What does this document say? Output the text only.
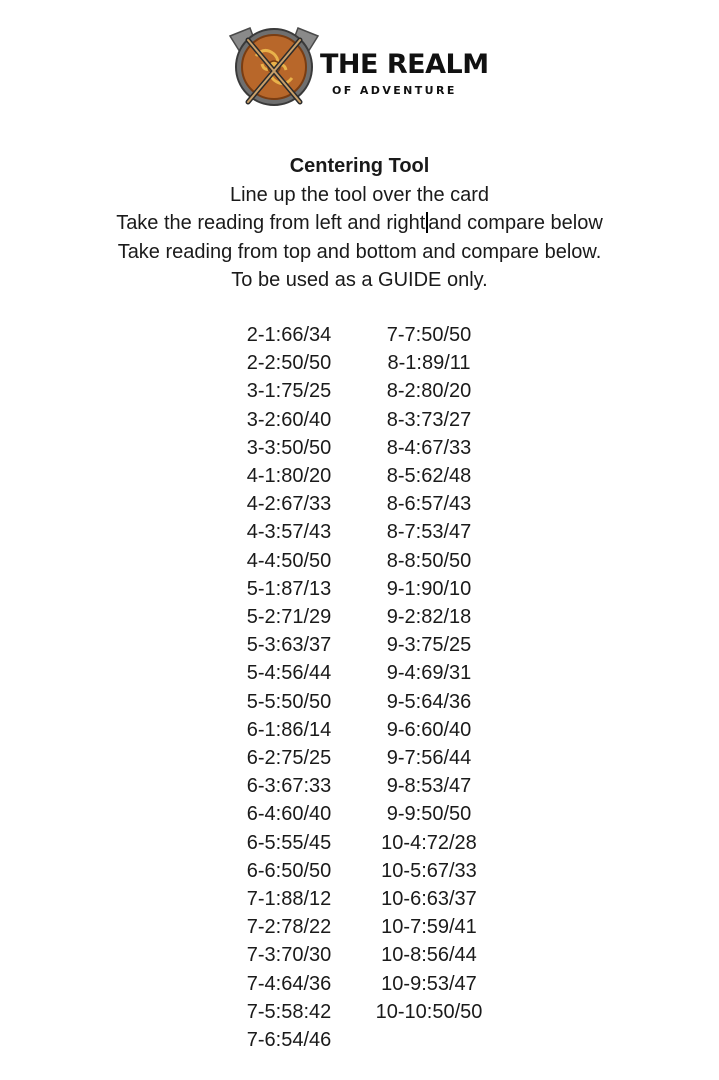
THE REALM
OF ADVENTURE
Centering Tool
Line up the tool over the card
Take the reading from left and right and compare below
Take reading from top and bottom and compare below.
To be used as a GUIDE only.
2-1:66/34
2-2:50/50
3-1:75/25
3-2:60/40
3-3:50/50
4-1:80/20
4-2:67/33
4-3:57/43
4-4:50/50
5-1:87/13
5-2:71/29
5-3:63/37
5-4:56/44
5-5:50/50
6-1:86/14
6-2:75/25
6-3:67:33
6-4:60/40
6-5:55/45
6-6:50/50
7-1:88/12
7-2:78/22
7-3:70/30
7-4:64/36
7-5:58:42
7-6:54/46
7-7:50/50
8-1:89/11
8-2:80/20
8-3:73/27
8-4:67/33
8-5:62/48
8-6:57/43
8-7:53/47
8-8:50/50
9-1:90/10
9-2:82/18
9-3:75/25
9-4:69/31
9-5:64/36
9-6:60/40
9-7:56/44
9-8:53/47
9-9:50/50
10-4:72/28
10-5:67/33
10-6:63/37
10-7:59/41
10-8:56/44
10-9:53/47
10-10:50/50
